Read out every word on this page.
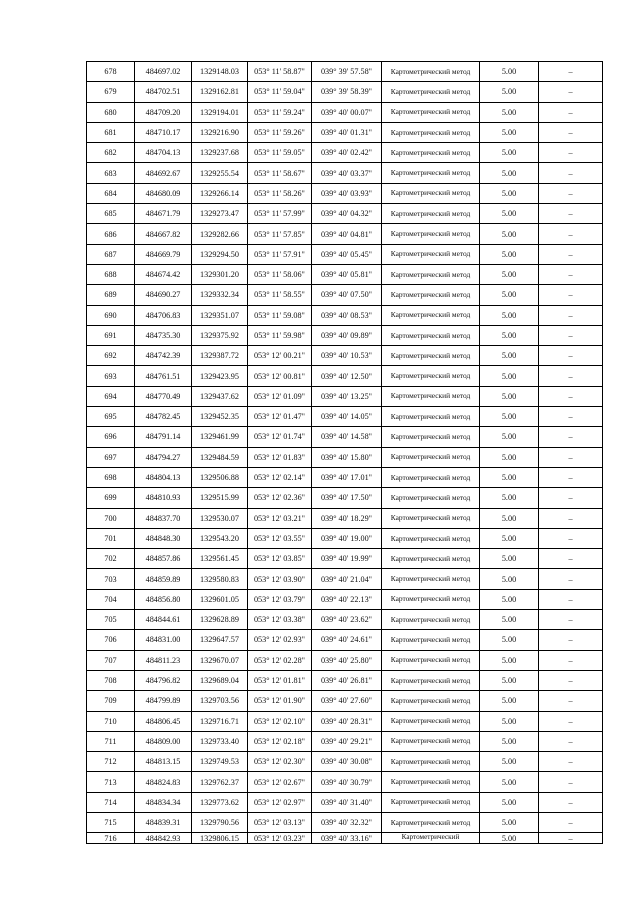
678	484697.02	1329148.03	053° 11' 58.87"	039° 39' 57.58"	Картометрический метод	5.00	–
679	484702.51	1329162.81	053° 11' 59.04"	039° 39' 58.39"	Картометрический метод	5.00	–
680	484709.20	1329194.01	053° 11' 59.24"	039° 40' 00.07"	Картометрический метод	5.00	–
681	484710.17	1329216.90	053° 11' 59.26"	039° 40' 01.31"	Картометрический метод	5.00	–
682	484704.13	1329237.68	053° 11' 59.05"	039° 40' 02.42"	Картометрический метод	5.00	–
683	484692.67	1329255.54	053° 11' 58.67"	039° 40' 03.37"	Картометрический метод	5.00	–
684	484680.09	1329266.14	053° 11' 58.26"	039° 40' 03.93"	Картометрический метод	5.00	–
685	484671.79	1329273.47	053° 11' 57.99"	039° 40' 04.32"	Картометрический метод	5.00	–
686	484667.82	1329282.66	053° 11' 57.85"	039° 40' 04.81"	Картометрический метод	5.00	–
687	484669.79	1329294.50	053° 11' 57.91"	039° 40' 05.45"	Картометрический метод	5.00	–
688	484674.42	1329301.20	053° 11' 58.06"	039° 40' 05.81"	Картометрический метод	5.00	–
689	484690.27	1329332.34	053° 11' 58.55"	039° 40' 07.50"	Картометрический метод	5.00	–
690	484706.83	1329351.07	053° 11' 59.08"	039° 40' 08.53"	Картометрический метод	5.00	–
691	484735.30	1329375.92	053° 11' 59.98"	039° 40' 09.89"	Картометрический метод	5.00	–
692	484742.39	1329387.72	053° 12' 00.21"	039° 40' 10.53"	Картометрический метод	5.00	–
693	484761.51	1329423.95	053° 12' 00.81"	039° 40' 12.50"	Картометрический метод	5.00	–
694	484770.49	1329437.62	053° 12' 01.09"	039° 40' 13.25"	Картометрический метод	5.00	–
695	484782.45	1329452.35	053° 12' 01.47"	039° 40' 14.05"	Картометрический метод	5.00	–
696	484791.14	1329461.99	053° 12' 01.74"	039° 40' 14.58"	Картометрический метод	5.00	–
697	484794.27	1329484.59	053° 12' 01.83"	039° 40' 15.80"	Картометрический метод	5.00	–
698	484804.13	1329506.88	053° 12' 02.14"	039° 40' 17.01"	Картометрический метод	5.00	–
699	484810.93	1329515.99	053° 12' 02.36"	039° 40' 17.50"	Картометрический метод	5.00	–
700	484837.70	1329530.07	053° 12' 03.21"	039° 40' 18.29"	Картометрический метод	5.00	–
701	484848.30	1329543.20	053° 12' 03.55"	039° 40' 19.00"	Картометрический метод	5.00	–
702	484857.86	1329561.45	053° 12' 03.85"	039° 40' 19.99"	Картометрический метод	5.00	–
703	484859.89	1329580.83	053° 12' 03.90"	039° 40' 21.04"	Картометрический метод	5.00	–
704	484856.80	1329601.05	053° 12' 03.79"	039° 40' 22.13"	Картометрический метод	5.00	–
705	484844.61	1329628.89	053° 12' 03.38"	039° 40' 23.62"	Картометрический метод	5.00	–
706	484831.00	1329647.57	053° 12' 02.93"	039° 40' 24.61"	Картометрический метод	5.00	–
707	484811.23	1329670.07	053° 12' 02.28"	039° 40' 25.80"	Картометрический метод	5.00	–
708	484796.82	1329689.04	053° 12' 01.81"	039° 40' 26.81"	Картометрический метод	5.00	–
709	484799.89	1329703.56	053° 12' 01.90"	039° 40' 27.60"	Картометрический метод	5.00	–
710	484806.45	1329716.71	053° 12' 02.10"	039° 40' 28.31"	Картометрический метод	5.00	–
711	484809.00	1329733.40	053° 12' 02.18"	039° 40' 29.21"	Картометрический метод	5.00	–
712	484813.15	1329749.53	053° 12' 02.30"	039° 40' 30.08"	Картометрический метод	5.00	–
713	484824.83	1329762.37	053° 12' 02.67"	039° 40' 30.79"	Картометрический метод	5.00	–
714	484834.34	1329773.62	053° 12' 02.97"	039° 40' 31.40"	Картометрический метод	5.00	–
715	484839.31	1329790.56	053° 12' 03.13"	039° 40' 32.32"	Картометрический метод	5.00	–
716	484842.93	1329806.15	053° 12' 03.23"	039° 40' 33.16"	Картометрический	5.00	–
